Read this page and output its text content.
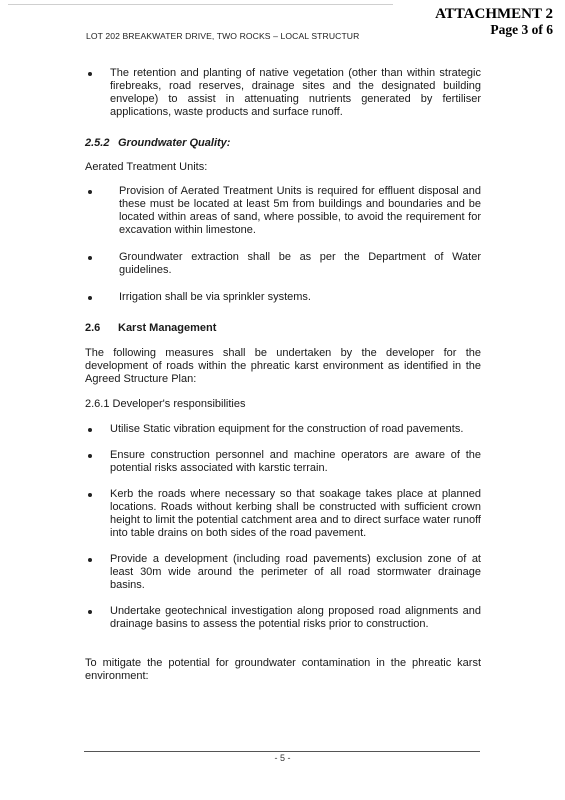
LOT 202 BREAKWATER DRIVE, TWO ROCKS – LOCAL STRUCTUR
ATTACHMENT 2
Page 3 of 6
The retention and planting of native vegetation (other than within strategic firebreaks, road reserves, drainage sites and the designated building envelope) to assist in attenuating nutrients generated by fertiliser applications, waste products and surface runoff.
2.5.2 Groundwater Quality:

Aerated Treatment Units:

Provision of Aerated Treatment Units is required for effluent disposal and these must be located at least 5m from buildings and boundaries and be located within areas of sand, where possible, to avoid the requirement for excavation within limestone.
Groundwater extraction shall be as per the Department of Water guidelines.
Irrigation shall be via sprinkler systems.
2.6 Karst Management

The following measures shall be undertaken by the developer for the development of roads within the phreatic karst environment as identified in the Agreed Structure Plan:

2.6.1 Developer's responsibilities

Utilise Static vibration equipment for the construction of road pavements.
Ensure construction personnel and machine operators are aware of the potential risks associated with karstic terrain.
Kerb the roads where necessary so that soakage takes place at planned locations. Roads without kerbing shall be constructed with sufficient crown height to limit the potential catchment area and to direct surface water runoff into table drains on both sides of the road pavement.
Provide a development (including road pavements) exclusion zone of at least 30m wide around the perimeter of all road stormwater drainage basins.
Undertake geotechnical investigation along proposed road alignments and drainage basins to assess the potential risks prior to construction.

To mitigate the potential for groundwater contamination in the phreatic karst environment:

- 5 -
